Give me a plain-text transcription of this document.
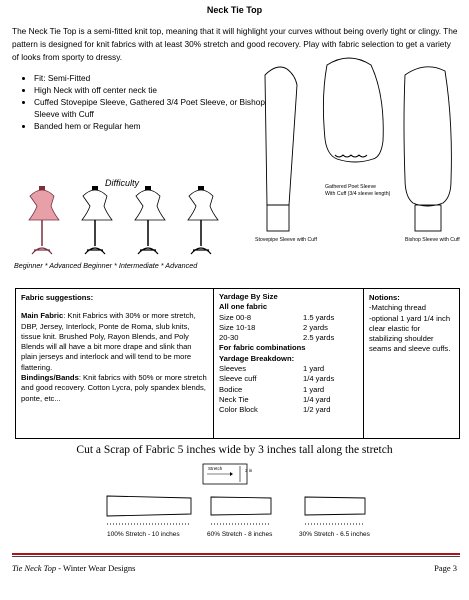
Neck Tie Top

The Neck Tie Top is a semi-fitted knit top, meaning that it will highlight your curves without being overly tight or clingy. The pattern is designed for knit fabrics with at least 30% stretch and good recovery. Play with fabric selection to get a variety of looks from sporty to dressy.

• Fit: Semi-Fitted
• High Neck with off center neck tie
• Cuffed Stovepipe Sleeve, Gathered 3/4 Poet Sleeve, or Bishop Sleeve with Cuff
• Banded hem or Regular hem
Difficulty
Beginner * Advanced Beginner * Intermediate * Advanced
Stovepipe Sleeve with Cuff
Gathered Poet Sleeve
With Cuff (3/4 sleeve length)
Bishop Sleeve with Cuff
Fabric suggestions:
Main Fabric: Knit Fabrics with 30% or more stretch, DBP, Jersey, Interlock, Ponte de Roma, slub knits, tissue knit. Brushed Poly, Rayon Blends, and Poly Blends will all have a bit more drape and slink than plain jerseys and interlock and will tend to be more flattering.
Bindings/Bands: Knit fabrics with 50% or more stretch and good recovery. Cotton Lycra, poly spandex blends, ponte, etc...
Yardage By Size
All one fabric
Size 00-8	1.5 yards
Size 10-18	2 yards
20-30	2.5 yards
For fabric combinations
Yardage Breakdown:
Sleeves	1 yard
Sleeve cuff	1/4 yards
Bodice	1 yard
Neck Tie	1/4 yard
Color Block	1/2 yard
Notions:
-Matching thread
-optional 1 yard 1/4 inch clear elastic for stabilizing shoulder seams and sleeve cuffs.
Cut a Scrap of Fabric 5 inches wide by 3 inches tall along the stretch
Stretch	3 in
100% Stretch - 10 inches	60% Stretch - 8 inches	30% Stretch - 6.5 inches
Tie Neck Top - Winter Wear Designs	Page 3
